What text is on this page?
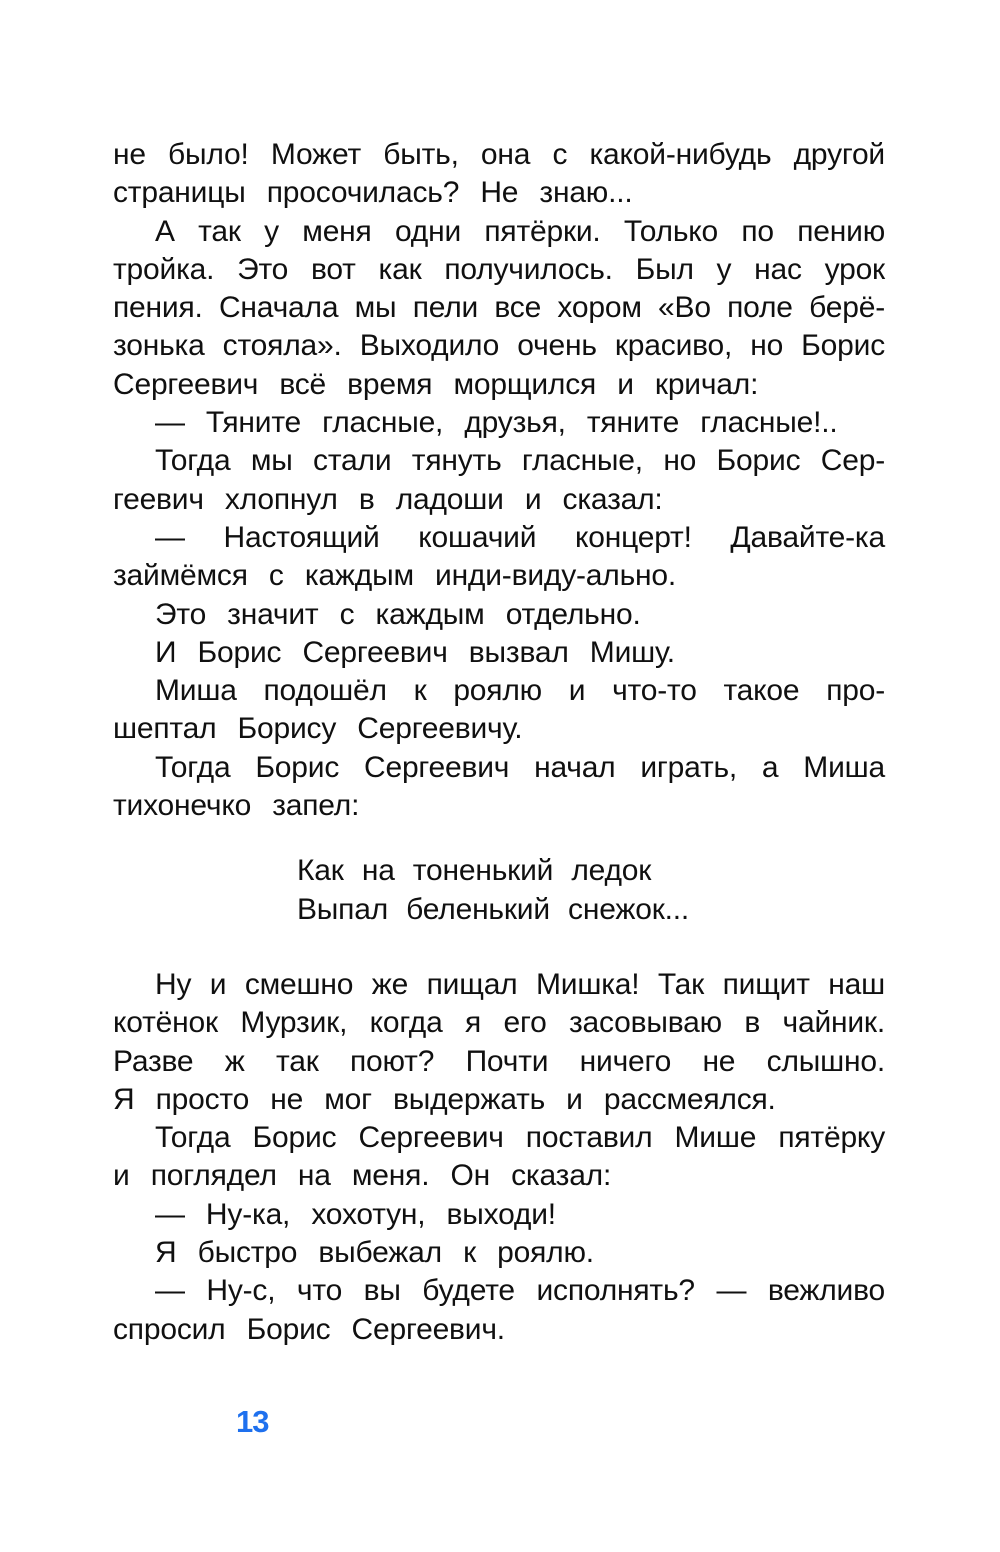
не было! Может быть, она с какой-нибудь другой
страницы просочилась? Не знаю...
А так у меня одни пятёрки. Только по пению
тройка. Это вот как получилось. Был у нас урок
пения. Сначала мы пели все хором «Во поле берё-
зонька стояла». Выходило очень красиво, но Борис
Сергеевич всё время морщился и кричал:
— Тяните гласные, друзья, тяните гласные!..
Тогда мы стали тянуть гласные, но Борис Сер-
геевич хлопнул в ладоши и сказал:
— Настоящий кошачий концерт! Давайте-ка
займёмся с каждым инди-виду-ально.
Это значит с каждым отдельно.
И Борис Сергеевич вызвал Мишу.
Миша подошёл к роялю и что-то такое про-
шептал Борису Сергеевичу.
Тогда Борис Сергеевич начал играть, а Миша
тихонечко запел:
Как на тоненький ледок
Выпал беленький снежок...
Ну и смешно же пищал Мишка! Так пищит наш
котёнок Мурзик, когда я его засовываю в чайник.
Разве ж так поют? Почти ничего не слышно.
Я просто не мог выдержать и рассмеялся.
Тогда Борис Сергеевич поставил Мише пятёрку
и поглядел на меня. Он сказал:
— Ну-ка, хохотун, выходи!
Я быстро выбежал к роялю.
— Ну-с, что вы будете исполнять? — вежливо
спросил Борис Сергеевич.
13
